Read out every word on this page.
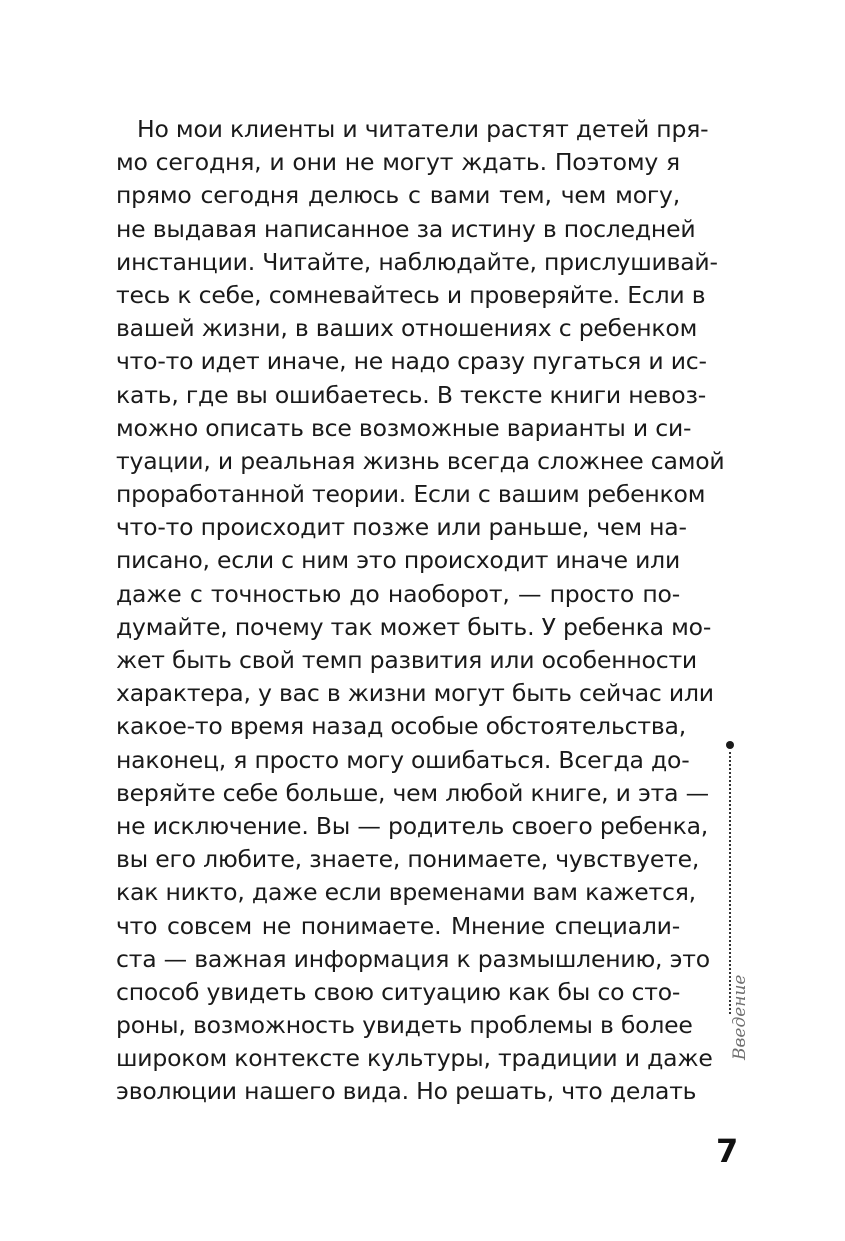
Но мои клиенты и читатели растят детей пря-
мо сегодня, и они не могут ждать. Поэтому я
прямо сегодня делюсь с вами тем, чем могу,
не выдавая написанное за истину в последней
инстанции. Читайте, наблюдайте, прислушивай-
тесь к себе, сомневайтесь и проверяйте. Если в
вашей жизни, в ваших отношениях с ребенком
что-то идет иначе, не надо сразу пугаться и ис-
кать, где вы ошибаетесь. В тексте книги невоз-
можно описать все возможные варианты и си-
туации, и реальная жизнь всегда сложнее самой
проработанной теории. Если с вашим ребенком
что-то происходит позже или раньше, чем на-
писано, если с ним это происходит иначе или
даже с точностью до наоборот, — просто по-
думайте, почему так может быть. У ребенка мо-
жет быть свой темп развития или особенности
характера, у вас в жизни могут быть сейчас или
какое-то время назад особые обстоятельства,
наконец, я просто могу ошибаться. Всегда до-
веряйте себе больше, чем любой книге, и эта —
не исключение. Вы — родитель своего ребенка,
вы его любите, знаете, понимаете, чувствуете,
как никто, даже если временами вам кажется,
что совсем не понимаете. Мнение специали-
ста — важная информация к размышлению, это
способ увидеть свою ситуацию как бы со сто-
роны, возможность увидеть проблемы в более
широком контексте культуры, традиции и даже
эволюции нашего вида. Но решать, что делать
Введение
7
